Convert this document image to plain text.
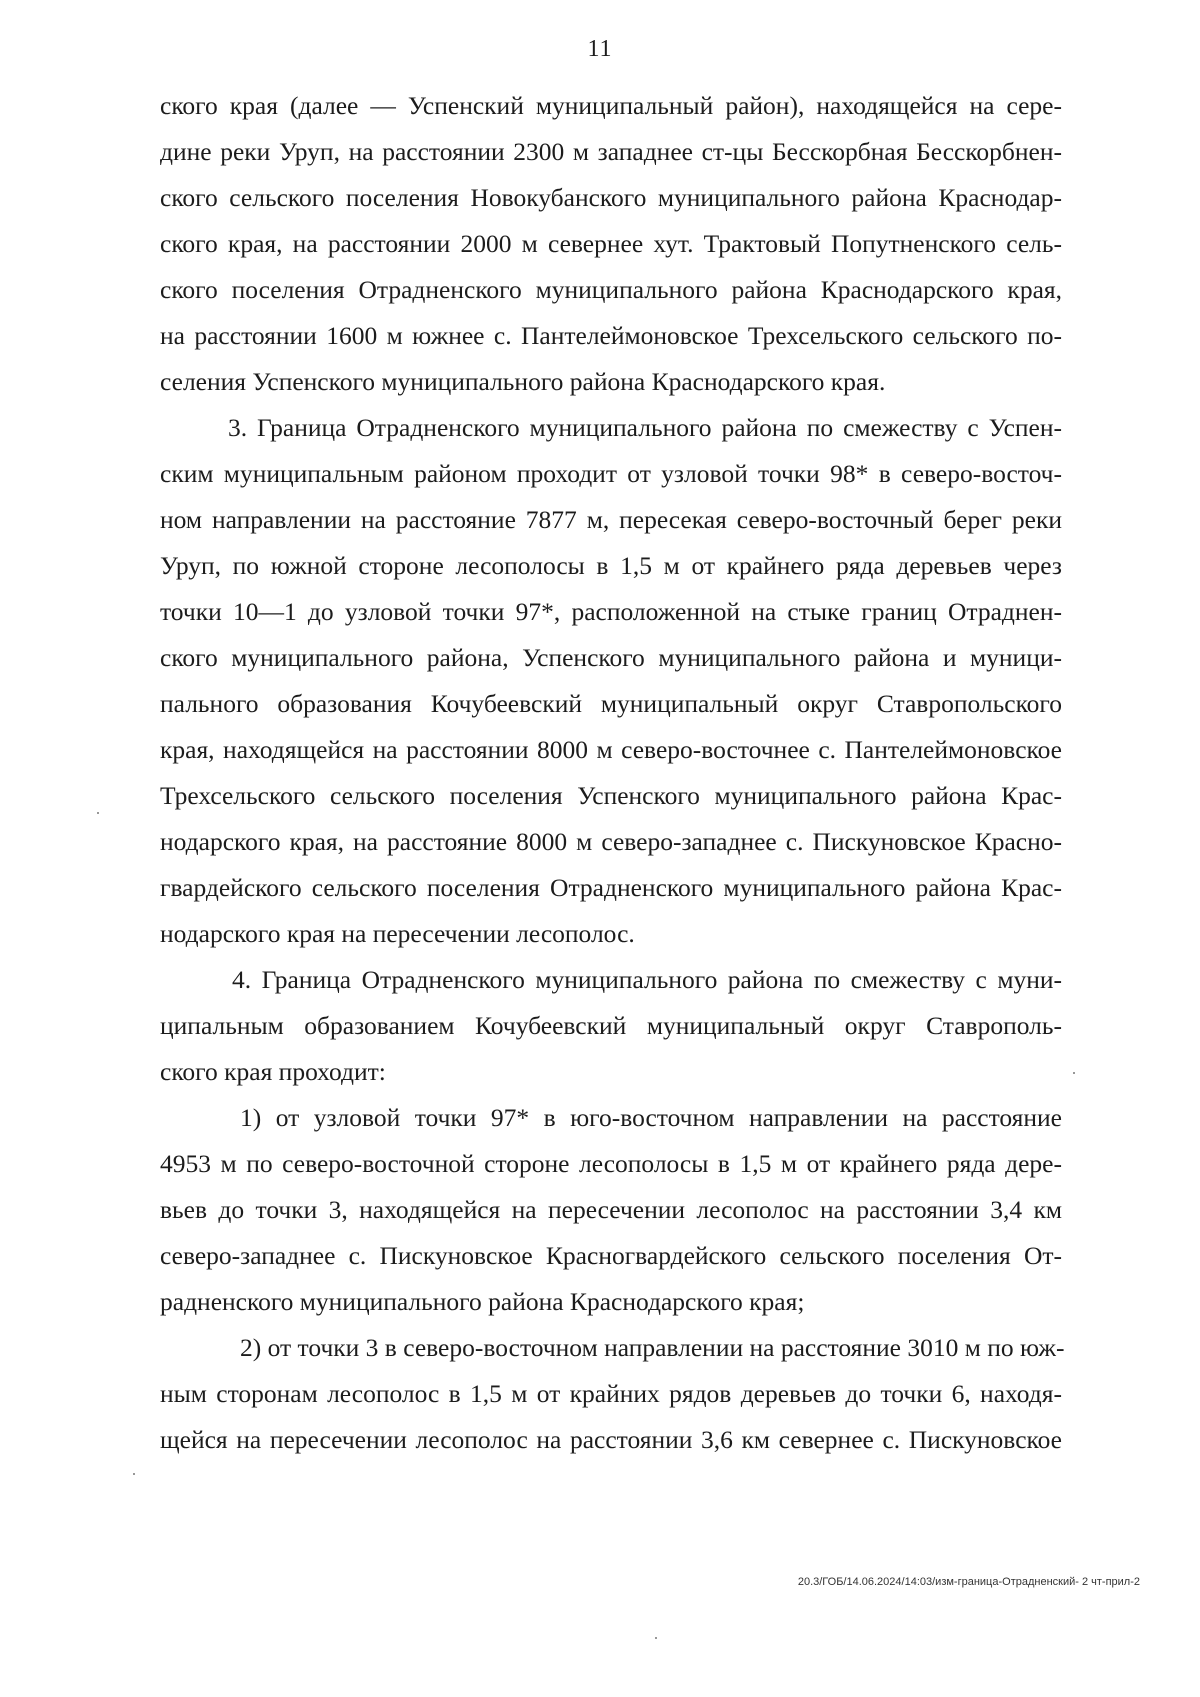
11
ского края (далее — Успенский муниципальный район), находящейся на сере-
дине реки Уруп, на расстоянии 2300 м западнее ст-цы Бесскорбная Бесскорбнен-
ского сельского поселения Новокубанского муниципального района Краснодар-
ского края, на расстоянии 2000 м севернее хут. Трактовый Попутненского сель-
ского поселения Отрадненского муниципального района Краснодарского края,
на расстоянии 1600 м южнее с. Пантелеймоновское Трехсельского сельского по-
селения Успенского муниципального района Краснодарского края.
3. Граница Отрадненского муниципального района по смежеству с Успен-
ским муниципальным районом проходит от узловой точки 98* в северо-восточ-
ном направлении на расстояние 7877 м, пересекая северо-восточный берег реки
Уруп, по южной стороне лесополосы в 1,5 м от крайнего ряда деревьев через
точки 10—1 до узловой точки 97*, расположенной на стыке границ Отраднен-
ского муниципального района, Успенского муниципального района и муници-
пального образования Кочубеевский муниципальный округ Ставропольского
края, находящейся на расстоянии 8000 м северо-восточнее с. Пантелеймоновское
Трехсельского сельского поселения Успенского муниципального района Крас-
нодарского края, на расстояние 8000 м северо-западнее с. Пискуновское Красно-
гвардейского сельского поселения Отрадненского муниципального района Крас-
нодарского края на пересечении лесополос.
4. Граница Отрадненского муниципального района по смежеству с муни-
ципальным образованием Кочубеевский муниципальный округ Ставрополь-
ского края проходит:
1) от узловой точки 97* в юго-восточном направлении на расстояние
4953 м по северо-восточной стороне лесополосы в 1,5 м от крайнего ряда дере-
вьев до точки 3, находящейся на пересечении лесополос на расстоянии 3,4 км
северо-западнее с. Пискуновское Красногвардейского сельского поселения От-
радненского муниципального района Краснодарского края;
2) от точки 3 в северо-восточном направлении на расстояние 3010 м по юж-
ным сторонам лесополос в 1,5 м от крайних рядов деревьев до точки 6, находя-
щейся на пересечении лесополос на расстоянии 3,6 км севернее с. Пискуновское
20.3/ГОБ/14.06.2024/14:03/изм-граница-Отрадненский- 2 чт-прил-2
